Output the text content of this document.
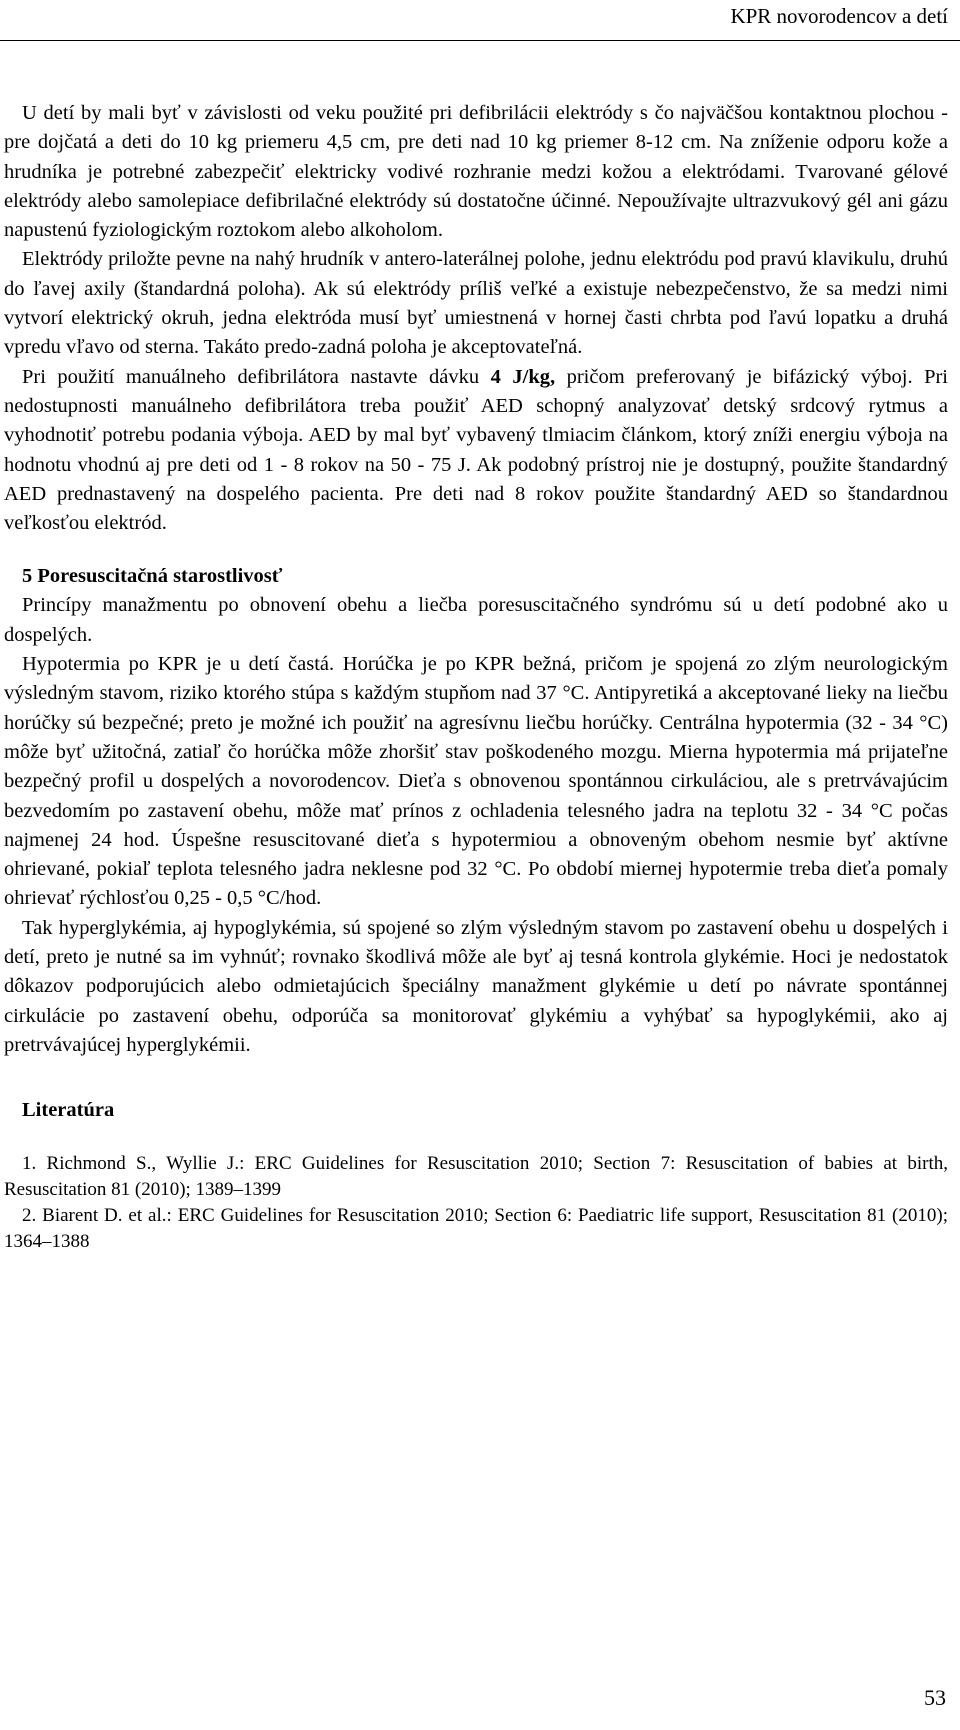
KPR novorodencov a detí

U detí by mali byť v závislosti od veku použité pri defibrilácii elektródy s čo najväčšou kontaktnou plochou - pre dojčatá a deti do 10 kg priemeru 4,5 cm, pre deti nad 10 kg priemer 8-12 cm. Na zníženie odporu kože a hrudníka je potrebné zabezpečiť elektricky vodivé rozhranie medzi kožou a elektródami. Tvarované gélové elektródy alebo samolepiace defibrilačné elektródy sú dostatočne účinné. Nepoužívajte ultrazvukový gél ani gázu napustenú fyziologickým roztokom alebo alkoholom.

Elektródy priložte pevne na nahý hrudník v antero-laterálnej polohe, jednu elektródu pod pravú klavikulu, druhú do ľavej axily (štandardná poloha). Ak sú elektródy príliš veľké a existuje nebezpečenstvo, že sa medzi nimi vytvorí elektrický okruh, jedna elektróda musí byť umiestnená v hornej časti chrbta pod ľavú lopatku a druhá vpredu vľavo od sterna. Takáto predo-zadná poloha je akceptovateľná.

Pri použití manuálneho defibrilátora nastavte dávku 4 J/kg, pričom preferovaný je bifázický výboj. Pri nedostupnosti manuálneho defibrilátora treba použiť AED schopný analyzovať detský srdcový rytmus a vyhodnotiť potrebu podania výboja. AED by mal byť vybavený tlmiacim článkom, ktorý zníži energiu výboja na hodnotu vhodnú aj pre deti od 1 - 8 rokov na 50 - 75 J. Ak podobný prístroj nie je dostupný, použite štandardný AED prednastavený na dospelého pacienta. Pre deti nad 8 rokov použite štandardný AED so štandardnou veľkosťou elektród.

5 Poresuscitačná starostlivosť

Princípy manažmentu po obnovení obehu a liečba poresuscitačného syndrómu sú u detí podobné ako u dospelých.

Hypotermia po KPR je u detí častá. Horúčka je po KPR bežná, pričom je spojená zo zlým neurologickým výsledným stavom, riziko ktorého stúpa s každým stupňom nad 37 °C. Antipyretiká a akceptované lieky na liečbu horúčky sú bezpečné; preto je možné ich použiť na agresívnu liečbu horúčky. Centrálna hypotermia (32 - 34 °C) môže byť užitočná, zatiaľ čo horúčka môže zhoršiť stav poškodeného mozgu. Mierna hypotermia má prijateľne bezpečný profil u dospelých a novorodencov. Dieťa s obnovenou spontánnou cirkuláciou, ale s pretrvávajúcim bezvedomím po zastavení obehu, môže mať prínos z ochladenia telesného jadra na teplotu 32 - 34 °C počas najmenej 24 hod. Úspešne resuscitované dieťa s hypotermiou a obnoveným obehom nesmie byť aktívne ohrievané, pokiaľ teplota telesného jadra neklesne pod 32 °C. Po období miernej hypotermie treba dieťa pomaly ohrievať rýchlosťou 0,25 - 0,5 °C/hod.

Tak hyperglykémia, aj hypoglykémia, sú spojené so zlým výsledným stavom po zastavení obehu u dospelých i detí, preto je nutné sa im vyhnúť; rovnako škodlivá môže ale byť aj tesná kontrola glykémie. Hoci je nedostatok dôkazov podporujúcich alebo odmietajúcich špeciálny manažment glykémie u detí po návrate spontánnej cirkulácie po zastavení obehu, odporúča sa monitorovať glykémiu a vyhýbať sa hypoglykémii, ako aj pretrvávajúcej hyperglykémii.

Literatúra

1. Richmond S., Wyllie J.: ERC Guidelines for Resuscitation 2010; Section 7: Resuscitation of babies at birth, Resuscitation 81 (2010); 1389–1399

2. Biarent D. et al.: ERC Guidelines for Resuscitation 2010; Section 6: Paediatric life support, Resuscitation 81 (2010); 1364–1388

53
